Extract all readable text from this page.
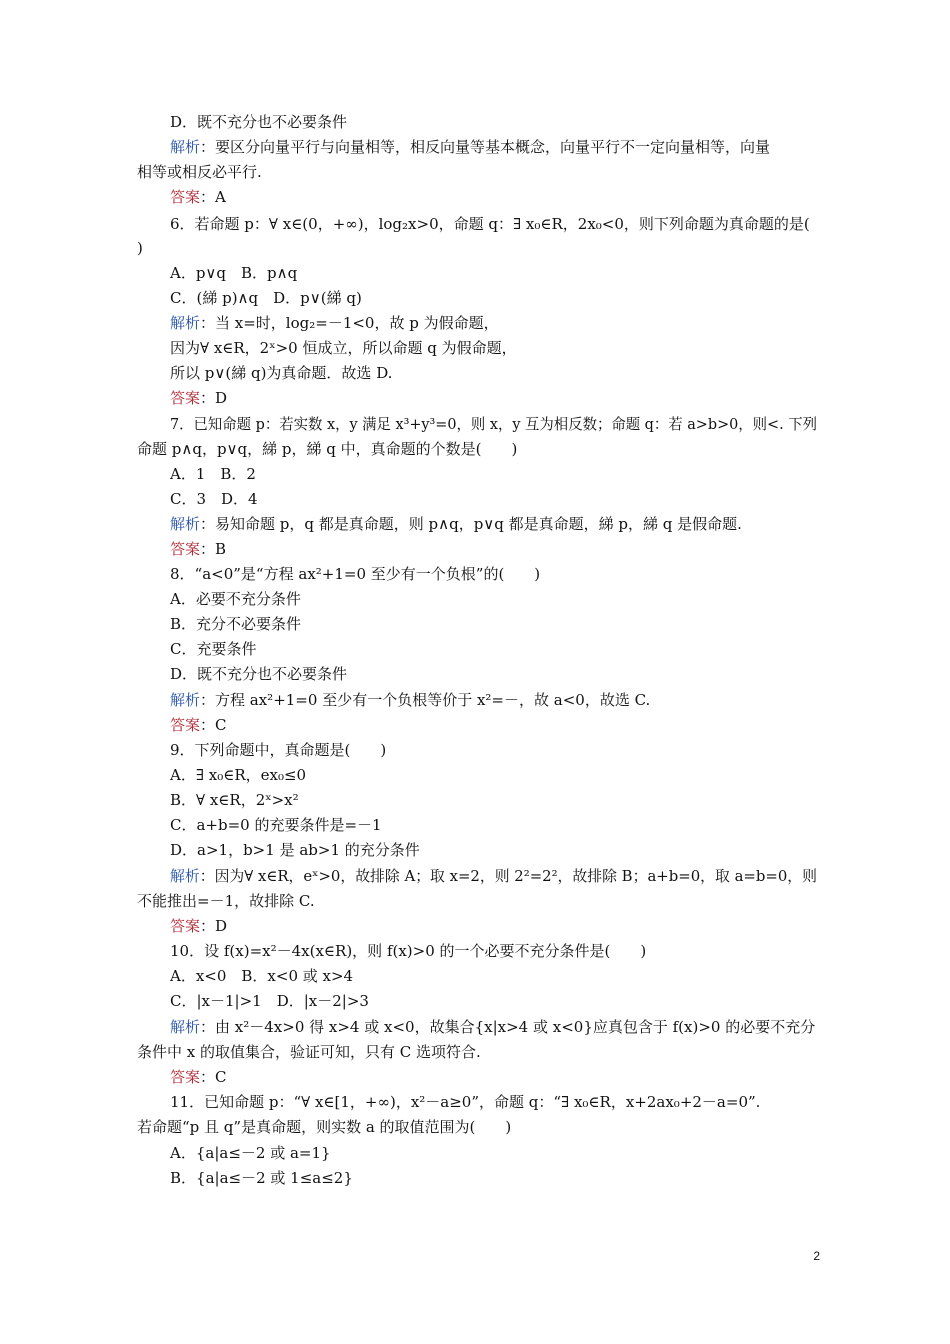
D．既不充分也不必要条件
解析：要区分向量平行与向量相等，相反向量等基本概念，向量平行不一定向量相等，向量
相等或相反必平行.
答案：A
6．若命题 p：∀ x∈(0，+∞)，log₂x>0，命题 q：∃ x₀∈R，2x₀<0，则下列命题为真命题的是(
)
A．p∨q　B．p∧q
C．(綈 p)∧q　D．p∨(綈 q)
解析：当 x=时，log₂=－1<0，故 p 为假命题，
因为∀ x∈R，2ˣ>0 恒成立，所以命题 q 为假命题，
所以 p∨(綈 q)为真命题．故选 D.
答案：D
7．已知命题 p：若实数 x，y 满足 x³+y³=0，则 x，y 互为相反数；命题 q：若 a>b>0，则<. 下列
命题 p∧q，p∨q，綈 p，綈 q 中，真命题的个数是(　　)
A．1　B．2
C．3　D．4
解析：易知命题 p，q 都是真命题，则 p∧q，p∨q 都是真命题，綈 p，綈 q 是假命题.
答案：B
8．“a<0”是“方程 ax²+1=0 至少有一个负根”的(　　)
A．必要不充分条件
B．充分不必要条件
C．充要条件
D．既不充分也不必要条件
解析：方程 ax²+1=0 至少有一个负根等价于 x²=－，故 a<0，故选 C.
答案：C
9．下列命题中，真命题是(　　)
A．∃ x₀∈R，ex₀≤0
B．∀ x∈R，2ˣ>x²
C．a+b=0 的充要条件是=－1
D．a>1，b>1 是 ab>1 的充分条件
解析：因为∀ x∈R，eˣ>0，故排除 A；取 x=2，则 2²=2²，故排除 B；a+b=0，取 a=b=0，则
不能推出=－1，故排除 C.
答案：D
10．设 f(x)=x²－4x(x∈R)，则 f(x)>0 的一个必要不充分条件是(　　)
A．x<0　B．x<0 或 x>4
C．|x－1|>1　D．|x－2|>3
解析：由 x²－4x>0 得 x>4 或 x<0，故集合{x|x>4 或 x<0}应真包含于 f(x)>0 的必要不充分
条件中 x 的取值集合，验证可知，只有 C 选项符合.
答案：C
11．已知命题 p：“∀ x∈[1，+∞)，x²－a≥0”，命题 q：“∃ x₀∈R，x+2ax₀+2－a=0”.
若命题“p 且 q”是真命题，则实数 a 的取值范围为(　　)
A．{a|a≤－2 或 a=1}
B．{a|a≤－2 或 1≤a≤2}
2
